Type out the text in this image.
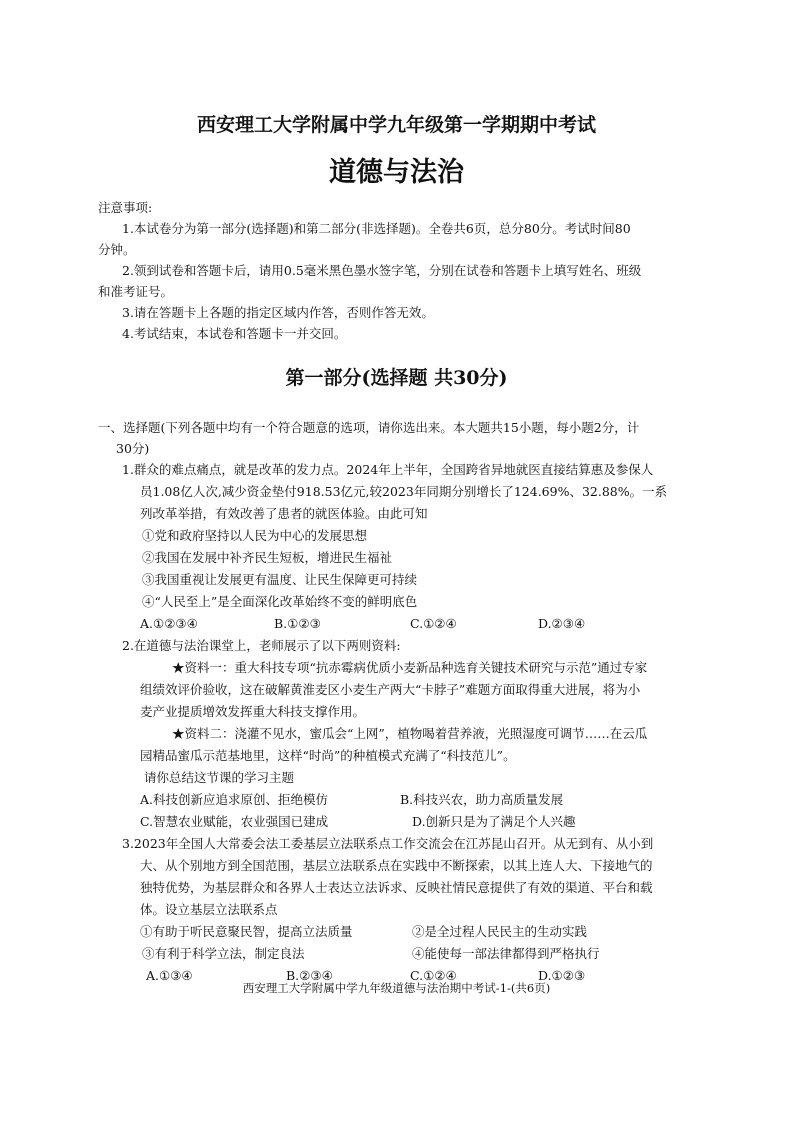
西安理工大学附属中学九年级第一学期期中考试
道德与法治
注意事项:
1.本试卷分为第一部分(选择题)和第二部分(非选择题)。全卷共6页，总分80分。考试时间80
分钟。
2.领到试卷和答题卡后，请用0.5毫米黑色墨水签字笔，分别在试卷和答题卡上填写姓名、班级
和准考证号。
3.请在答题卡上各题的指定区域内作答，否则作答无效。
4.考试结束，本试卷和答题卡一并交回。
第一部分(选择题 共30分)
一、选择题(下列各题中均有一个符合题意的选项，请你选出来。本大题共15小题，每小题2分，计
30分)
1.群众的难点痛点，就是改革的发力点。2024年上半年，全国跨省异地就医直接结算惠及参保人
员1.08亿人次,减少资金垫付918.53亿元,较2023年同期分别增长了124.69%、32.88%。一系
列改革举措，有效改善了患者的就医体验。由此可知
①党和政府坚持以人民为中心的发展思想
②我国在发展中补齐民生短板，增进民生福祉
③我国重视让发展更有温度、让民生保障更可持续
④“人民至上”是全面深化改革始终不变的鲜明底色
A.①②③④	B.①②③	C.①②④	D.②③④
2.在道德与法治课堂上，老师展示了以下两则资料:
★资料一：重大科技专项“抗赤霉病优质小麦新品种选育关键技术研究与示范”通过专家
组绩效评价验收，这在破解黄淮麦区小麦生产两大“卡脖子”难题方面取得重大进展，将为小
麦产业提质增效发挥重大科技支撑作用。
★资料二：浇灌不见水，蜜瓜会“上网”，植物喝着营养液，光照湿度可调节……在云瓜
园精品蜜瓜示范基地里，这样“时尚”的种植模式充满了“科技范儿”。
请你总结这节课的学习主题
A.科技创新应追求原创、拒绝模仿	B.科技兴农，助力高质量发展
C.智慧农业赋能，农业强国已建成	D.创新只是为了满足个人兴趣
3.2023年全国人大常委会法工委基层立法联系点工作交流会在江苏昆山召开。从无到有、从小到
大、从个别地方到全国范围，基层立法联系点在实践中不断探索，以其上连人大、下接地气的
独特优势，为基层群众和各界人士表达立法诉求、反映社情民意提供了有效的渠道、平台和载
体。设立基层立法联系点
①有助于听民意聚民智，提高立法质量	②是全过程人民民主的生动实践
③有利于科学立法，制定良法	④能使每一部法律都得到严格执行
A.①③④	B.②③④	C.①②④	D.①②③
西安理工大学附属中学九年级道德与法治期中考试-1-(共6页)
